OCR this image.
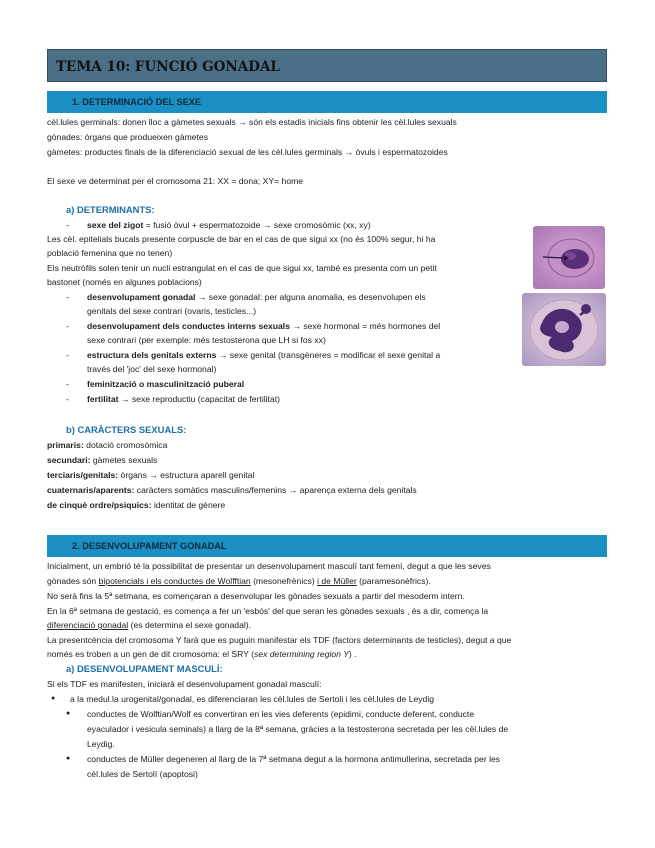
TEMA 10: FUNCIÓ GONADAL
1. DETERMINACIÓ DEL SEXE
cèl.lules germinals: donen lloc a gàmetes sexuals → són els estadis inicials fins obtenir les cèl.lules sexuals
gònades: òrgans que produeixen gàmetes
gàmetes: productes finals de la diferenciació sexual de les cèl.lules germinals → òvuls i espermatozoides
El sexe ve determinat per el cromosoma 21: XX = dona; XY= home
a) DETERMINANTS:
- sexe del zigot = fusió òvul + espermatozoide → sexe cromosòmic (xx, xy)
Les cèl. epitelials bucals presente corpuscle de bar en el cas de que sigui xx (no és 100% segur, hi ha
població femenina que no tenen)
Els neutròfils solen tenir un nucli estrangulat en el cas de que sigui xx, també es presenta com un petit
bastonet (només en algunes poblacions)
- desenvolupament gonadal → sexe gonadal: per alguna anomalia, es desenvolupen els
genitals del sexe contrari (ovaris, testicles...)
- desenvolupament dels conductes interns sexuals → sexe hormonal = més hormones del
sexe contrari (per exemple: més testosterona que LH si fos xx)
- estructura dels genitals externs → sexe genital (transgèneres = modificar el sexe genital a
través del 'joc' del sexe hormonal)
- feminització o masculinització puberal
- fertilitat → sexe reproductiu (capacitat de fertilitat)
b) CARÀCTERS SEXUALS:
primaris: dotació cromosòmica
secundari: gàmetes sexuals
terciaris/genitals: òrgans → estructura aparell genital
cuaternaris/aparents: caràcters somàtics masculins/femenins → aparença externa dels genitals
de cinquè ordre/psiquics: identitat de gènere
2. DESENVOLUPAMENT GONADAL
Inicialment, un embrió té la possibilitat de presentar un desenvolupament masculí tant femení, degut a que les seves
gònades són bipotencials i els conductes de Wolfftian (mesonefrènics) i de Müller (paramesonèfrics).
No serà fins la 5ª setmana, es començaran a desenvolupar les gònades sexuals a partir del mesoderm intern.
En la 6ª setmana de gestació, es comença a fer un 'esbós' del que seran les gònades sexuals , és a dir, comença la
diferenciació gonadal (es determina el sexe gonadal).
La presentcència del cromosoma Y farà que es puguin manifestar els TDF (factors determinants de testicles), degut a que
només es troben a un gen de dit cromosoma: el SRY (sex determining region Y) .
a) DESENVOLUPAMENT MASCULÍ:
Si els TDF es manifesten, iniciarà el desenvolupament gonadal masculí:
● a la medul.la urogenital/gonadal, es diferenciaran les cèl.lules de Sertoli i les cèl.lules de Leydig
● conductes de Wolftian/Wolf es convertiran en les vies deferents (epidimi, conducte deferent, conducte
eyaculador i vesicula seminals) a llarg de la 8ª semana, gràcies a la testosterona secretada per les cèl.lules de
Leydig.
● conductes de Müller degeneren al llarg de la 7ª setmana degut a la hormona antimullerina, secretada per les
cèl.lules de Sertolí (apoptosi)
